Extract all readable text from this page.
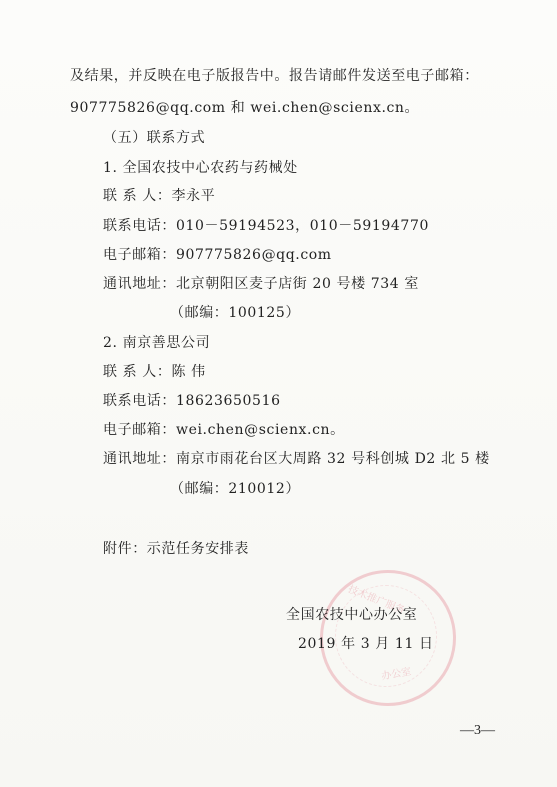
及结果，并反映在电子版报告中。报告请邮件发送至电子邮箱：
907775826@qq.com 和 wei.chen@scienx.cn。
（五）联系方式
1. 全国农技中心农药与药械处
联 系 人：李永平
联系电话：010－59194523，010－59194770
电子邮箱：907775826@qq.com
通讯地址：北京朝阳区麦子店街 20 号楼 734 室
（邮编：100125）
2. 南京善思公司
联 系 人：陈 伟
联系电话：18623650516
电子邮箱：wei.chen@scienx.cn。
通讯地址：南京市雨花台区大周路 32 号科创城 D2 北 5 楼
（邮编：210012）
附件：示范任务安排表
技术推广服务
办公室
全国农技中心办公室
2019 年 3 月 11 日
—3—
